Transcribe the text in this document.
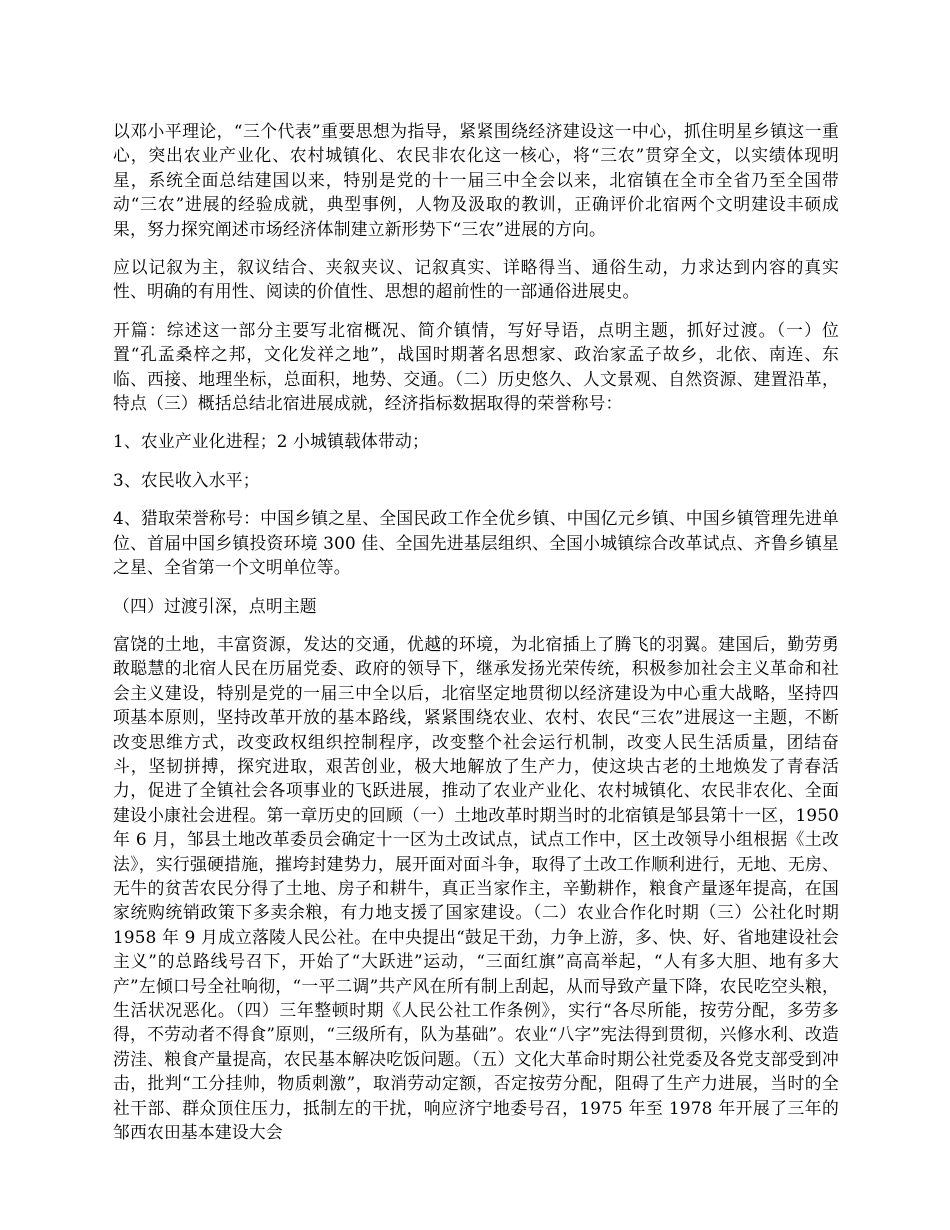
以邓小平理论，“三个代表”重要思想为指导，紧紧围绕经济建设这一中心，抓住明星乡镇这一重心，突出农业产业化、农村城镇化、农民非农化这一核心，将“三农”贯穿全文，以实绩体现明星，系统全面总结建国以来，特别是党的十一届三中全会以来，北宿镇在全市全省乃至全国带动“三农”进展的经验成就，典型事例，人物及汲取的教训，正确评价北宿两个文明建设丰硕成果，努力探究阐述市场经济体制建立新形势下“三农”进展的方向。

应以记叙为主，叙议结合、夹叙夹议、记叙真实、详略得当、通俗生动，力求达到内容的真实性、明确的有用性、阅读的价值性、思想的超前性的一部通俗进展史。

开篇：综述这一部分主要写北宿概况、简介镇情，写好导语，点明主题，抓好过渡。（一）位置“孔孟桑梓之邦，文化发祥之地”，战国时期著名思想家、政治家孟子故乡，北依、南连、东临、西接、地理坐标，总面积，地势、交通。（二）历史悠久、人文景观、自然资源、建置沿革，特点（三）概括总结北宿进展成就，经济指标数据取得的荣誉称号：

1、农业产业化进程；2 小城镇载体带动；

3、农民收入水平；

4、猎取荣誉称号：中国乡镇之星、全国民政工作全优乡镇、中国亿元乡镇、中国乡镇管理先进单位、首届中国乡镇投资环境 300 佳、全国先进基层组织、全国小城镇综合改革试点、齐鲁乡镇星之星、全省第一个文明单位等。

（四）过渡引深，点明主题

富饶的土地，丰富资源，发达的交通，优越的环境，为北宿插上了腾飞的羽翼。建国后，勤劳勇敢聪慧的北宿人民在历届党委、政府的领导下，继承发扬光荣传统，积极参加社会主义革命和社会主义建设，特别是党的一届三中全以后，北宿坚定地贯彻以经济建设为中心重大战略，坚持四项基本原则，坚持改革开放的基本路线，紧紧围绕农业、农村、农民“三农”进展这一主题，不断改变思维方式，改变政权组织控制程序，改变整个社会运行机制，改变人民生活质量，团结奋斗，坚韧拼搏，探究进取，艰苦创业，极大地解放了生产力，使这块古老的土地焕发了青春活力，促进了全镇社会各项事业的飞跃进展，推动了农业产业化、农村城镇化、农民非农化、全面建设小康社会进程。第一章历史的回顾（一）土地改革时期当时的北宿镇是邹县第十一区，1950 年 6 月，邹县土地改革委员会确定十一区为土改试点，试点工作中，区土改领导小组根据《土改法》，实行强硬措施，摧垮封建势力，展开面对面斗争，取得了土改工作顺利进行，无地、无房、无牛的贫苦农民分得了土地、房子和耕牛，真正当家作主，辛勤耕作，粮食产量逐年提高，在国家统购统销政策下多卖余粮，有力地支援了国家建设。（二）农业合作化时期（三）公社化时期 1958 年 9 月成立落陵人民公社。在中央提出“鼓足干劲，力争上游，多、快、好、省地建设社会主义”的总路线号召下，开始了“大跃进”运动，“三面红旗”高高举起，“人有多大胆、地有多大产”左倾口号全社响彻，“一平二调”共产风在所有制上刮起，从而导致产量下降，农民吃空头粮，生活状况恶化。（四）三年整顿时期《人民公社工作条例》，实行“各尽所能，按劳分配，多劳多得，不劳动者不得食”原则，“三级所有，队为基础”。农业“八字”宪法得到贯彻，兴修水利、改造涝洼、粮食产量提高，农民基本解决吃饭问题。（五）文化大革命时期公社党委及各党支部受到冲击，批判“工分挂帅，物质刺激”，取消劳动定额，否定按劳分配，阻碍了生产力进展，当时的全社干部、群众顶住压力，抵制左的干扰，响应济宁地委号召，1975 年至 1978 年开展了三年的邹西农田基本建设大会
